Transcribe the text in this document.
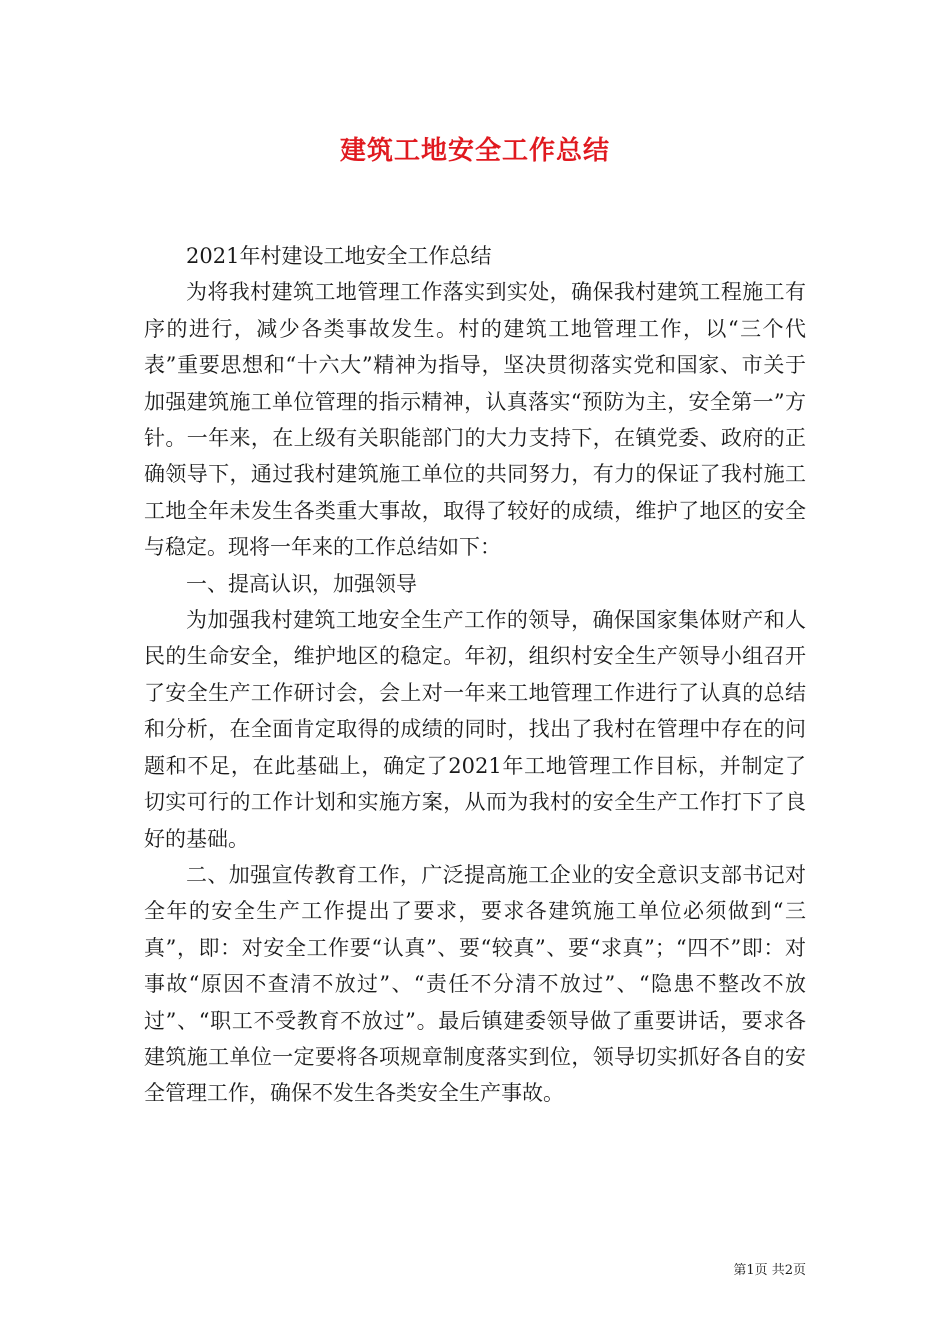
建筑工地安全工作总结

2021年村建设工地安全工作总结

为将我村建筑工地管理工作落实到实处，确保我村建筑工程施工有序的进行，减少各类事故发生。村的建筑工地管理工作，以“三个代表”重要思想和“十六大”精神为指导，坚决贯彻落实党和国家、市关于加强建筑施工单位管理的指示精神，认真落实“预防为主，安全第一”方针。一年来，在上级有关职能部门的大力支持下，在镇党委、政府的正确领导下，通过我村建筑施工单位的共同努力，有力的保证了我村施工工地全年未发生各类重大事故，取得了较好的成绩，维护了地区的安全与稳定。现将一年来的工作总结如下：

一、提高认识，加强领导

为加强我村建筑工地安全生产工作的领导，确保国家集体财产和人民的生命安全，维护地区的稳定。年初，组织村安全生产领导小组召开了安全生产工作研讨会，会上对一年来工地管理工作进行了认真的总结和分析，在全面肯定取得的成绩的同时，找出了我村在管理中存在的问题和不足，在此基础上，确定了2021年工地管理工作目标，并制定了切实可行的工作计划和实施方案，从而为我村的安全生产工作打下了良好的基础。

二、加强宣传教育工作，广泛提高施工企业的安全意识支部书记对全年的安全生产工作提出了要求，要求各建筑施工单位必须做到“三真”，即：对安全工作要“认真”、要“较真”、要“求真”；“四不”即：对事故“原因不查清不放过”、“责任不分清不放过”、“隐患不整改不放过”、“职工不受教育不放过”。最后镇建委领导做了重要讲话，要求各建筑施工单位一定要将各项规章制度落实到位，领导切实抓好各自的安全管理工作，确保不发生各类安全生产事故。

第1页 共2页
